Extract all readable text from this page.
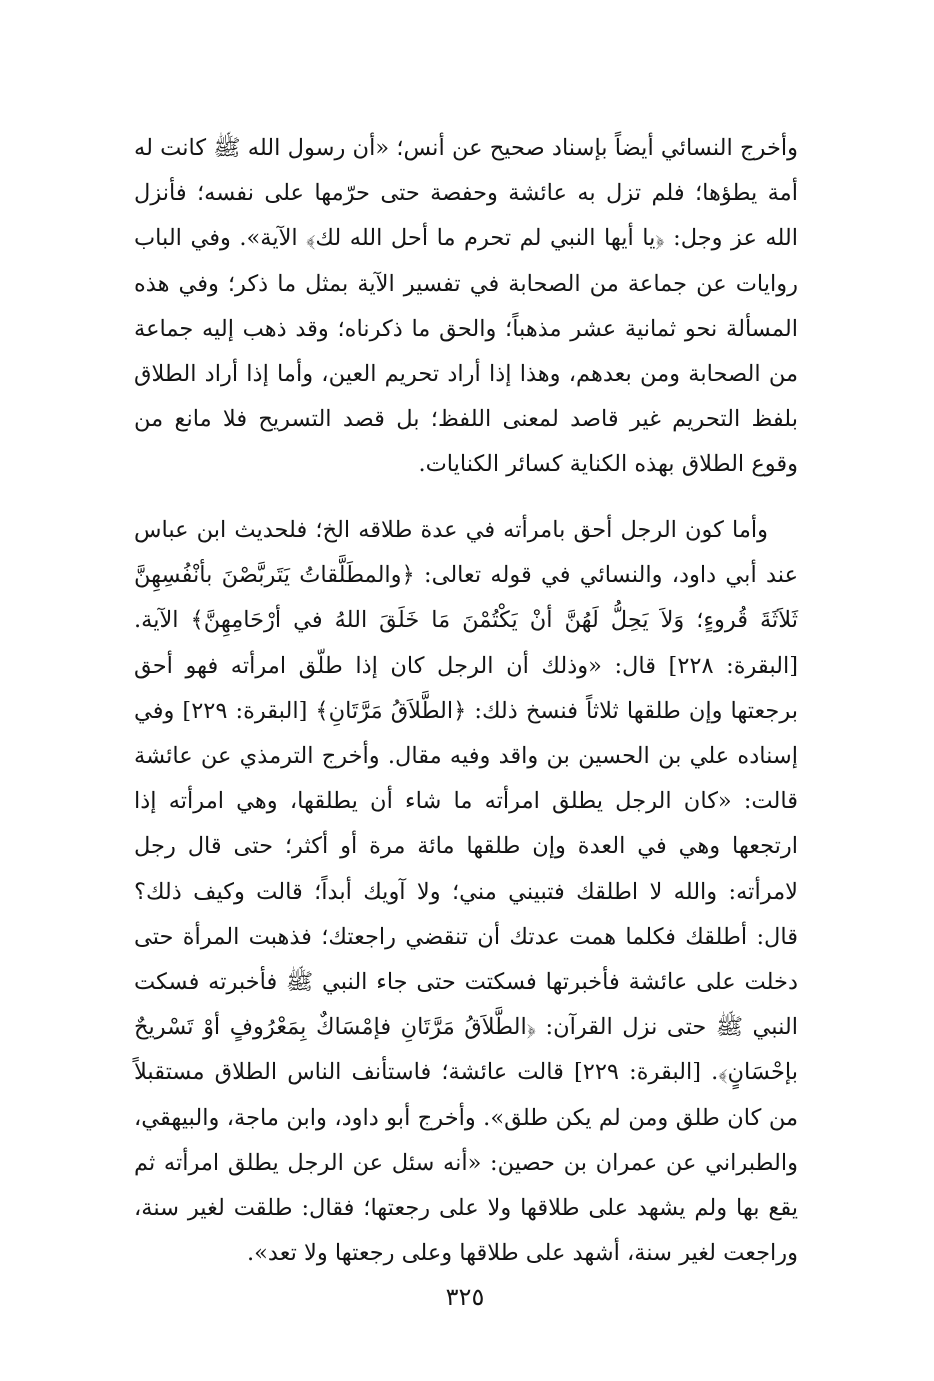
وأخرج النسائي أيضاً بإسناد صحيح عن أنس؛ «أن رسول الله ﷺ كانت له أمة يطؤها؛ فلم تزل به عائشة وحفصة حتى حرّمها على نفسه؛ فأنزل الله عز وجل: ﴿يا أيها النبي لم تحرم ما أحل الله لك﴾ الآية». وفي الباب روايات عن جماعة من الصحابة في تفسير الآية بمثل ما ذكر؛ وفي هذه المسألة نحو ثمانية عشر مذهباً؛ والحق ما ذكرناه؛ وقد ذهب إليه جماعة من الصحابة ومن بعدهم، وهذا إذا أراد تحريم العين، وأما إذا أراد الطلاق بلفظ التحريم غير قاصد لمعنى اللفظ؛ بل قصد التسريح فلا مانع من وقوع الطلاق بهذه الكناية كسائر الكنايات.
وأما كون الرجل أحق بامرأته في عدة طلاقه الخ؛ فلحديث ابن عباس عند أبي داود، والنسائي في قوله تعالى: ﴿والمطَلَّقاتُ يَتَربَّصْنَ بأنْفُسِهِنَّ ثَلاَثَةَ قُروءٍ؛ وَلاَ يَحِلُّ لَهُنَّ أنْ يَكْتُمْنَ مَا خَلَقَ اللهُ في أرْحَامِهِنَّ﴾ الآية. [البقرة: ٢٢٨] قال: «وذلك أن الرجل كان إذا طلّق امرأته فهو أحق برجعتها وإن طلقها ثلاثاً فنسخ ذلك: ﴿الطَّلاَقُ مَرَّتَانِ﴾ [البقرة: ٢٢٩] وفي إسناده علي بن الحسين بن واقد وفيه مقال. وأخرج الترمذي عن عائشة قالت: «كان الرجل يطلق امرأته ما شاء أن يطلقها، وهي امرأته إذا ارتجعها وهي في العدة وإن طلقها مائة مرة أو أكثر؛ حتى قال رجل لامرأته: والله لا اطلقك فتبيني مني؛ ولا آويك أبداً؛ قالت وكيف ذلك؟ قال: أطلقك فكلما همت عدتك أن تنقضي راجعتك؛ فذهبت المرأة حتى دخلت على عائشة فأخبرتها فسكتت حتى جاء النبي ﷺ فأخبرته فسكت النبي ﷺ حتى نزل القرآن: ﴿الطَّلاَقُ مَرَّتَانِ فإمْسَاكٌ بِمَعْرُوفٍ أوْ تَسْريحٌ بإحْسَانٍ﴾. [البقرة: ٢٢٩] قالت عائشة؛ فاستأنف الناس الطلاق مستقبلاً من كان طلق ومن لم يكن طلق». وأخرج أبو داود، وابن ماجة، والبيهقي، والطبراني عن عمران بن حصين: «أنه سئل عن الرجل يطلق امرأته ثم يقع بها ولم يشهد على طلاقها ولا على رجعتها؛ فقال: طلقت لغير سنة، وراجعت لغير سنة، أشهد على طلاقها وعلى رجعتها ولا تعد».
٣٢٥
